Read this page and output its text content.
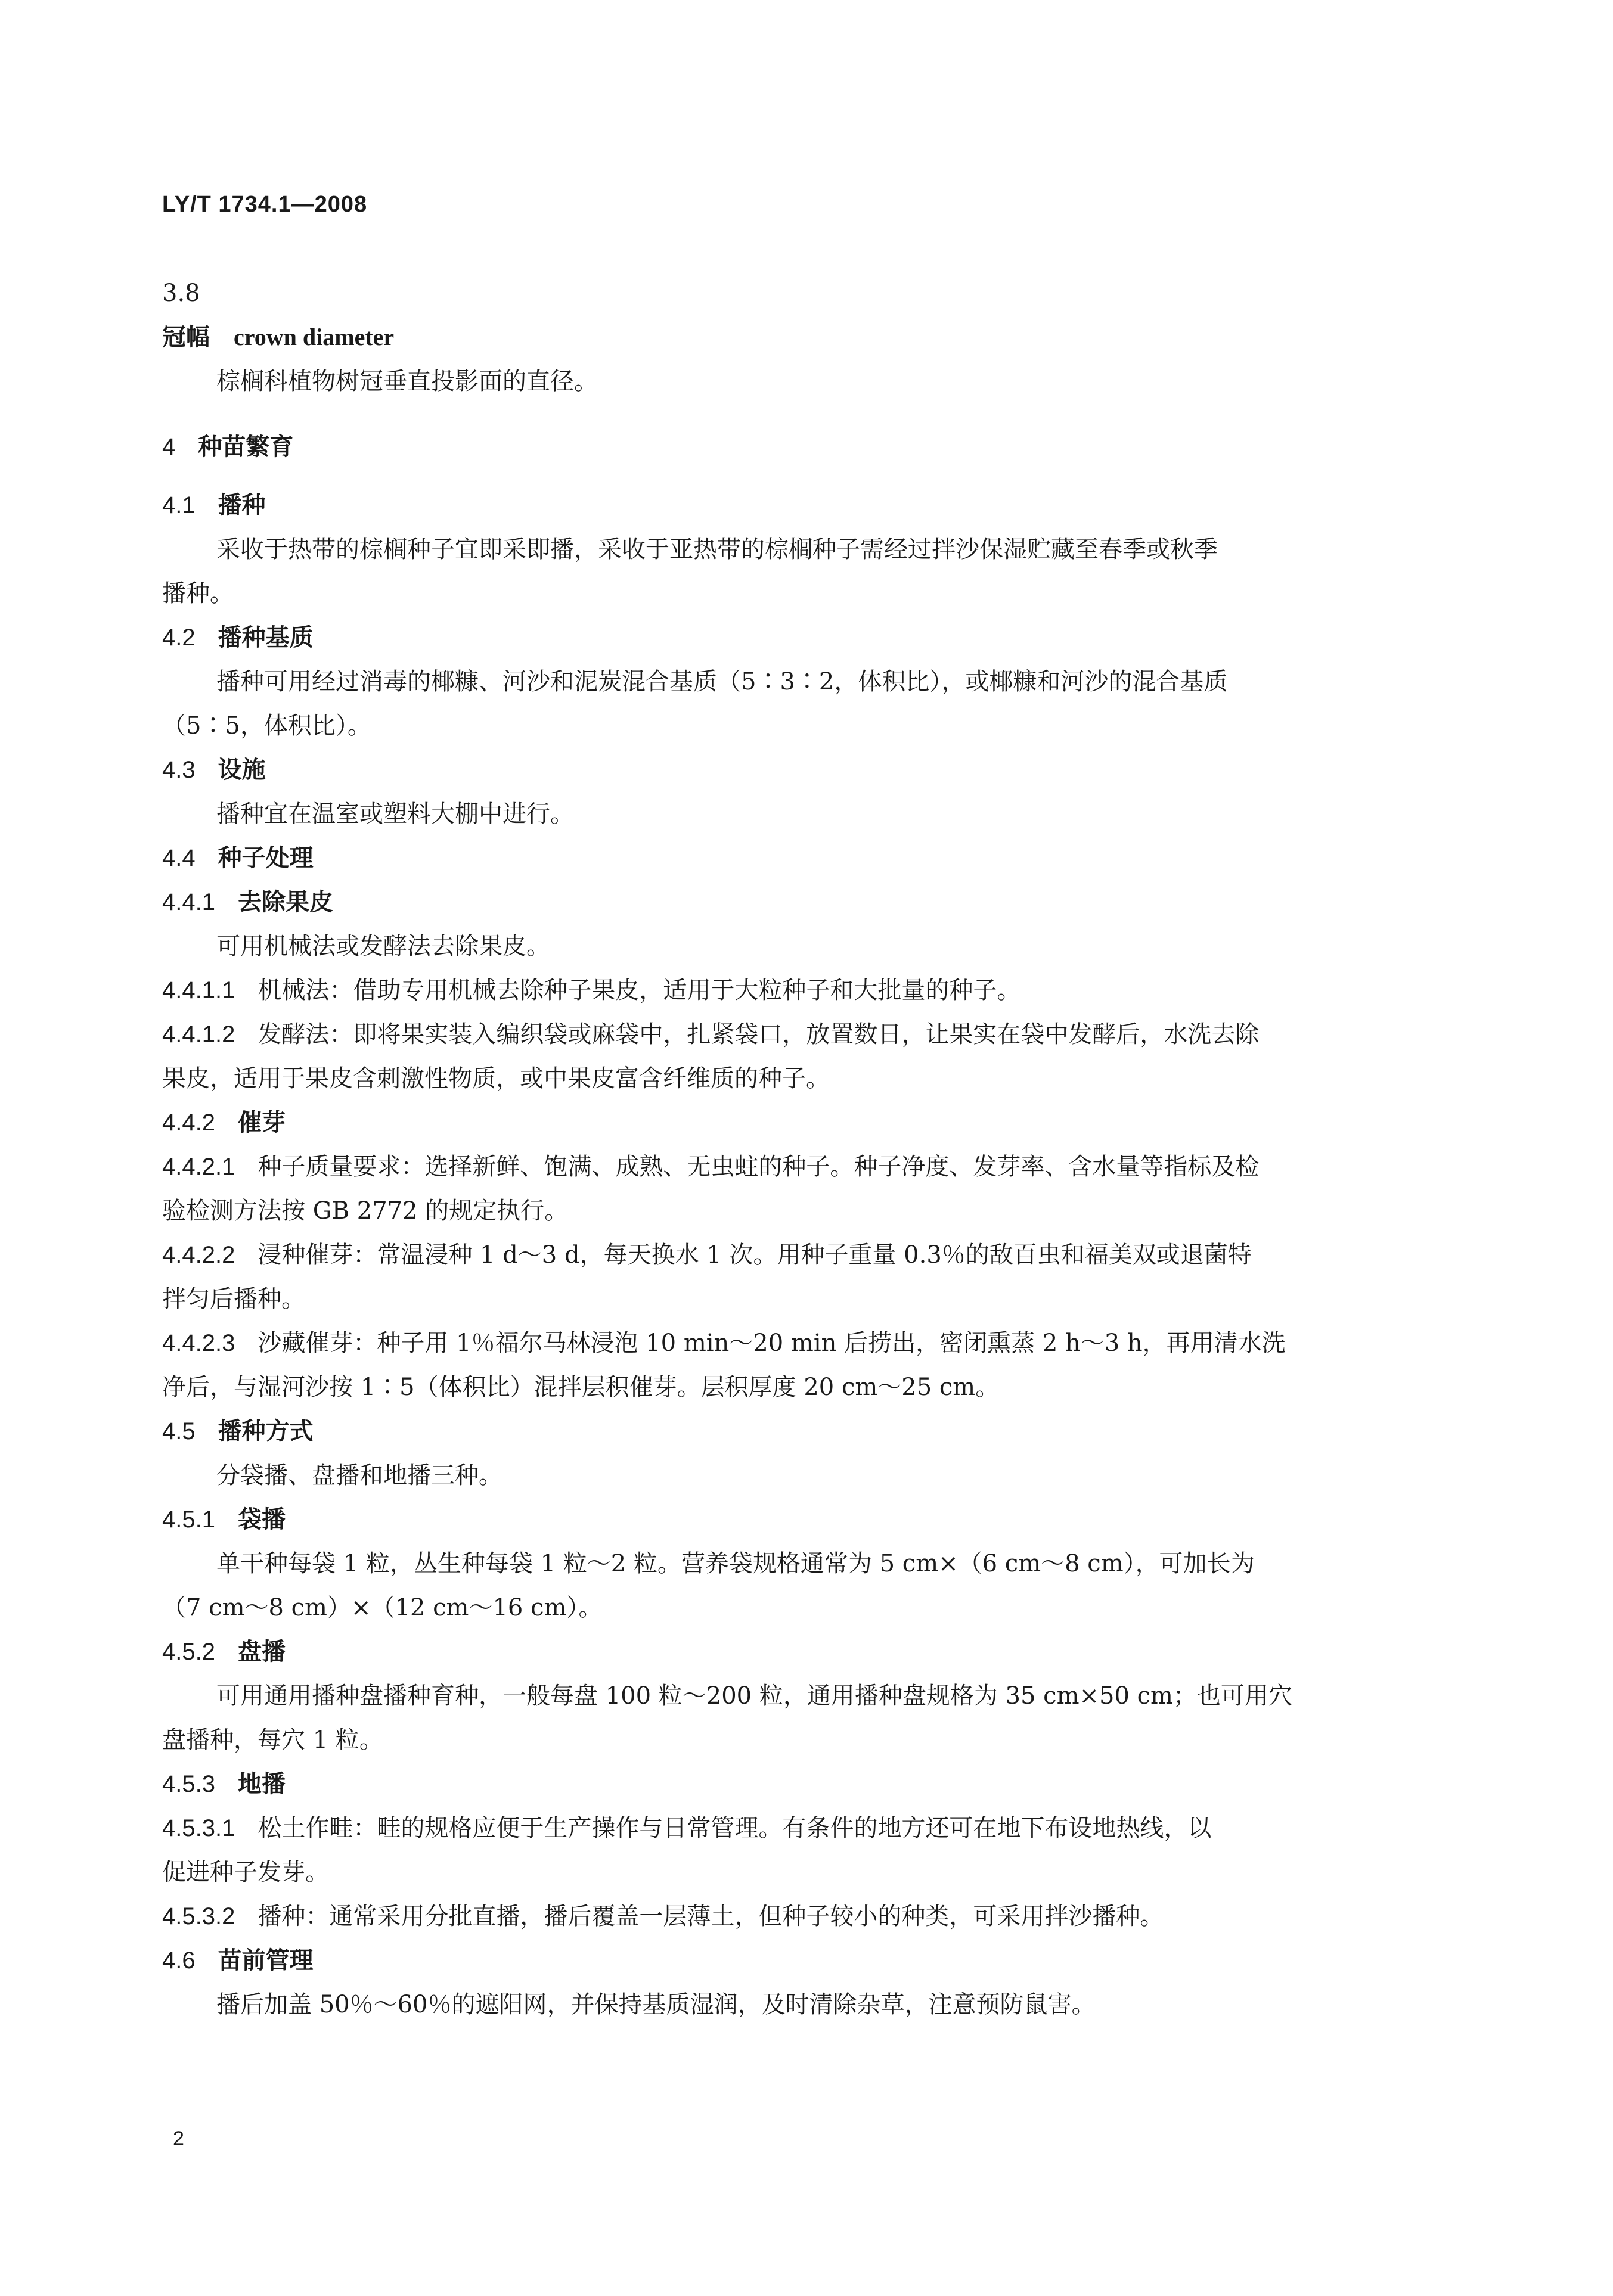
LY/T 1734.1—2008
3.8
冠幅 crown diameter
棕榈科植物树冠垂直投影面的直径。
4 种苗繁育
4.1 播种
采收于热带的棕榈种子宜即采即播，采收于亚热带的棕榈种子需经过拌沙保湿贮藏至春季或秋季
播种。
4.2 播种基质
播种可用经过消毒的椰糠、河沙和泥炭混合基质（5∶3∶2，体积比），或椰糠和河沙的混合基质
（5∶5，体积比）。
4.3 设施
播种宜在温室或塑料大棚中进行。
4.4 种子处理
4.4.1 去除果皮
可用机械法或发酵法去除果皮。
4.4.1.1 机械法：借助专用机械去除种子果皮，适用于大粒种子和大批量的种子。
4.4.1.2 发酵法：即将果实装入编织袋或麻袋中，扎紧袋口，放置数日，让果实在袋中发酵后，水洗去除
果皮，适用于果皮含刺激性物质，或中果皮富含纤维质的种子。
4.4.2 催芽
4.4.2.1 种子质量要求：选择新鲜、饱满、成熟、无虫蛀的种子。种子净度、发芽率、含水量等指标及检
验检测方法按 GB 2772 的规定执行。
4.4.2.2 浸种催芽：常温浸种 1 d～3 d，每天换水 1 次。用种子重量 0.3％的敌百虫和福美双或退菌特
拌匀后播种。
4.4.2.3 沙藏催芽：种子用 1％福尔马林浸泡 10 min～20 min 后捞出，密闭熏蒸 2 h～3 h，再用清水洗
净后，与湿河沙按 1∶5（体积比）混拌层积催芽。层积厚度 20 cm～25 cm。
4.5 播种方式
分袋播、盘播和地播三种。
4.5.1 袋播
单干种每袋 1 粒，丛生种每袋 1 粒～2 粒。营养袋规格通常为 5 cm×（6 cm～8 cm），可加长为
（7 cm～8 cm）×（12 cm～16 cm）。
4.5.2 盘播
可用通用播种盘播种育种，一般每盘 100 粒～200 粒，通用播种盘规格为 35 cm×50 cm；也可用穴
盘播种，每穴 1 粒。
4.5.3 地播
4.5.3.1 松土作畦：畦的规格应便于生产操作与日常管理。有条件的地方还可在地下布设地热线，以
促进种子发芽。
4.5.3.2 播种：通常采用分批直播，播后覆盖一层薄土，但种子较小的种类，可采用拌沙播种。
4.6 苗前管理
播后加盖 50％～60％的遮阳网，并保持基质湿润，及时清除杂草，注意预防鼠害。
2
